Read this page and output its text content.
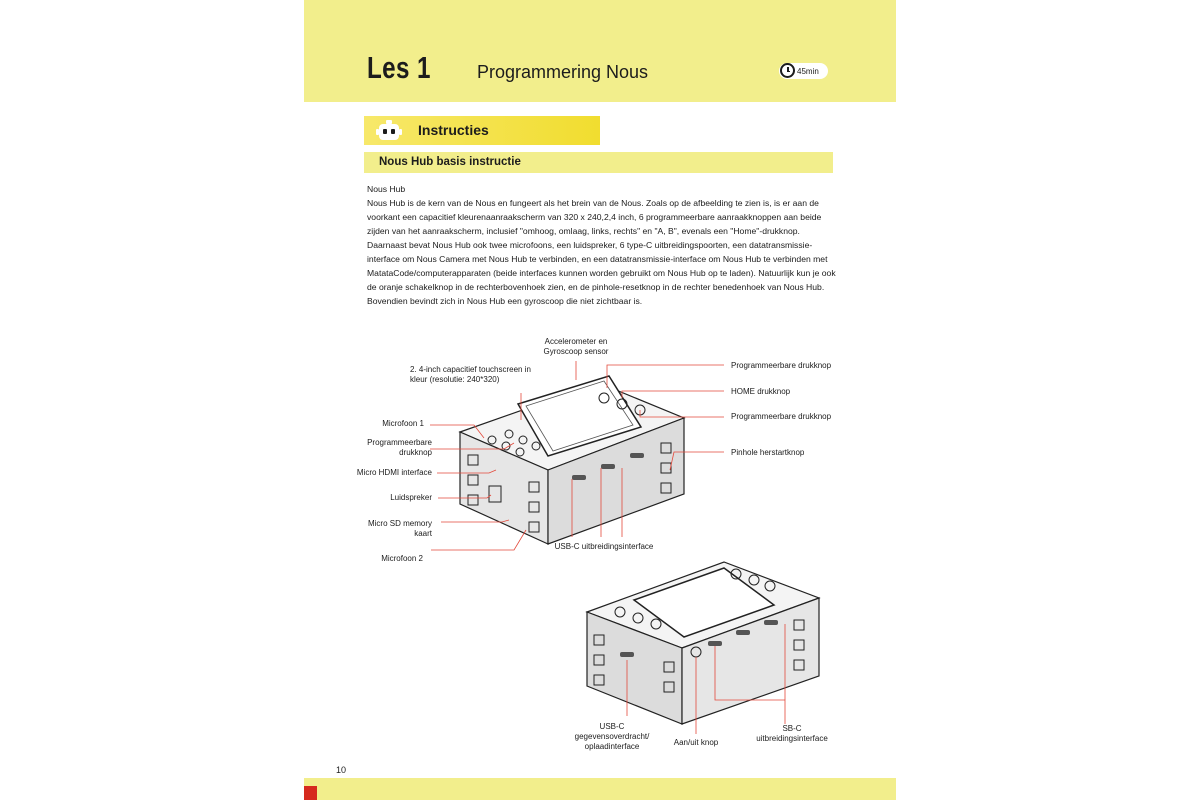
Les 1	Programmering Nous	45min
Instructies
Nous Hub basis instructie

Nous Hub

Nous Hub is de kern van de Nous en fungeert als het brein van de Nous. Zoals op de afbeelding te zien is, is er aan de voorkant een capacitief kleurenaanraakscherm van 320 x 240,2,4 inch, 6 programmeerbare aanraakknoppen aan beide zijden van het aanraakscherm, inclusief "omhoog, omlaag, links, rechts" en "A, B", evenals een "Home"-drukknop. Daarnaast bevat Nous Hub ook twee microfoons, een luidspreker, 6 type-C uitbreidingspoorten, een datatransmissie-interface om Nous Camera met Nous Hub te verbinden, en een datatransmissie-interface om Nous Hub te verbinden met MatataCode/computerapparaten (beide interfaces kunnen worden gebruikt om Nous Hub op te laden). Natuurlijk kun je ook de oranje schakelknop in de rechterbovenhoek zien, en de pinhole-resetknop in de rechter benedenhoek van Nous Hub. Bovendien bevindt zich in Nous Hub een gyroscoop die niet zichtbaar is.

Accelerometer en
Gyroscoop sensor
2. 4-inch capacitief touchscreen in
kleur (resolutie: 240*320)
Microfoon 1
Programmeerbare
drukknop
Micro HDMI interface
Luidspreker
Micro SD memory
kaart
Microfoon 2
Programmeerbare drukknop
HOME drukknop
Programmeerbare drukknop
Pinhole herstartknop
USB-C uitbreidingsinterface
USB-C
gegevensoverdracht/
oplaadinterface	Aan/uit knop
SB-C
uitbreidingsinterface
10
